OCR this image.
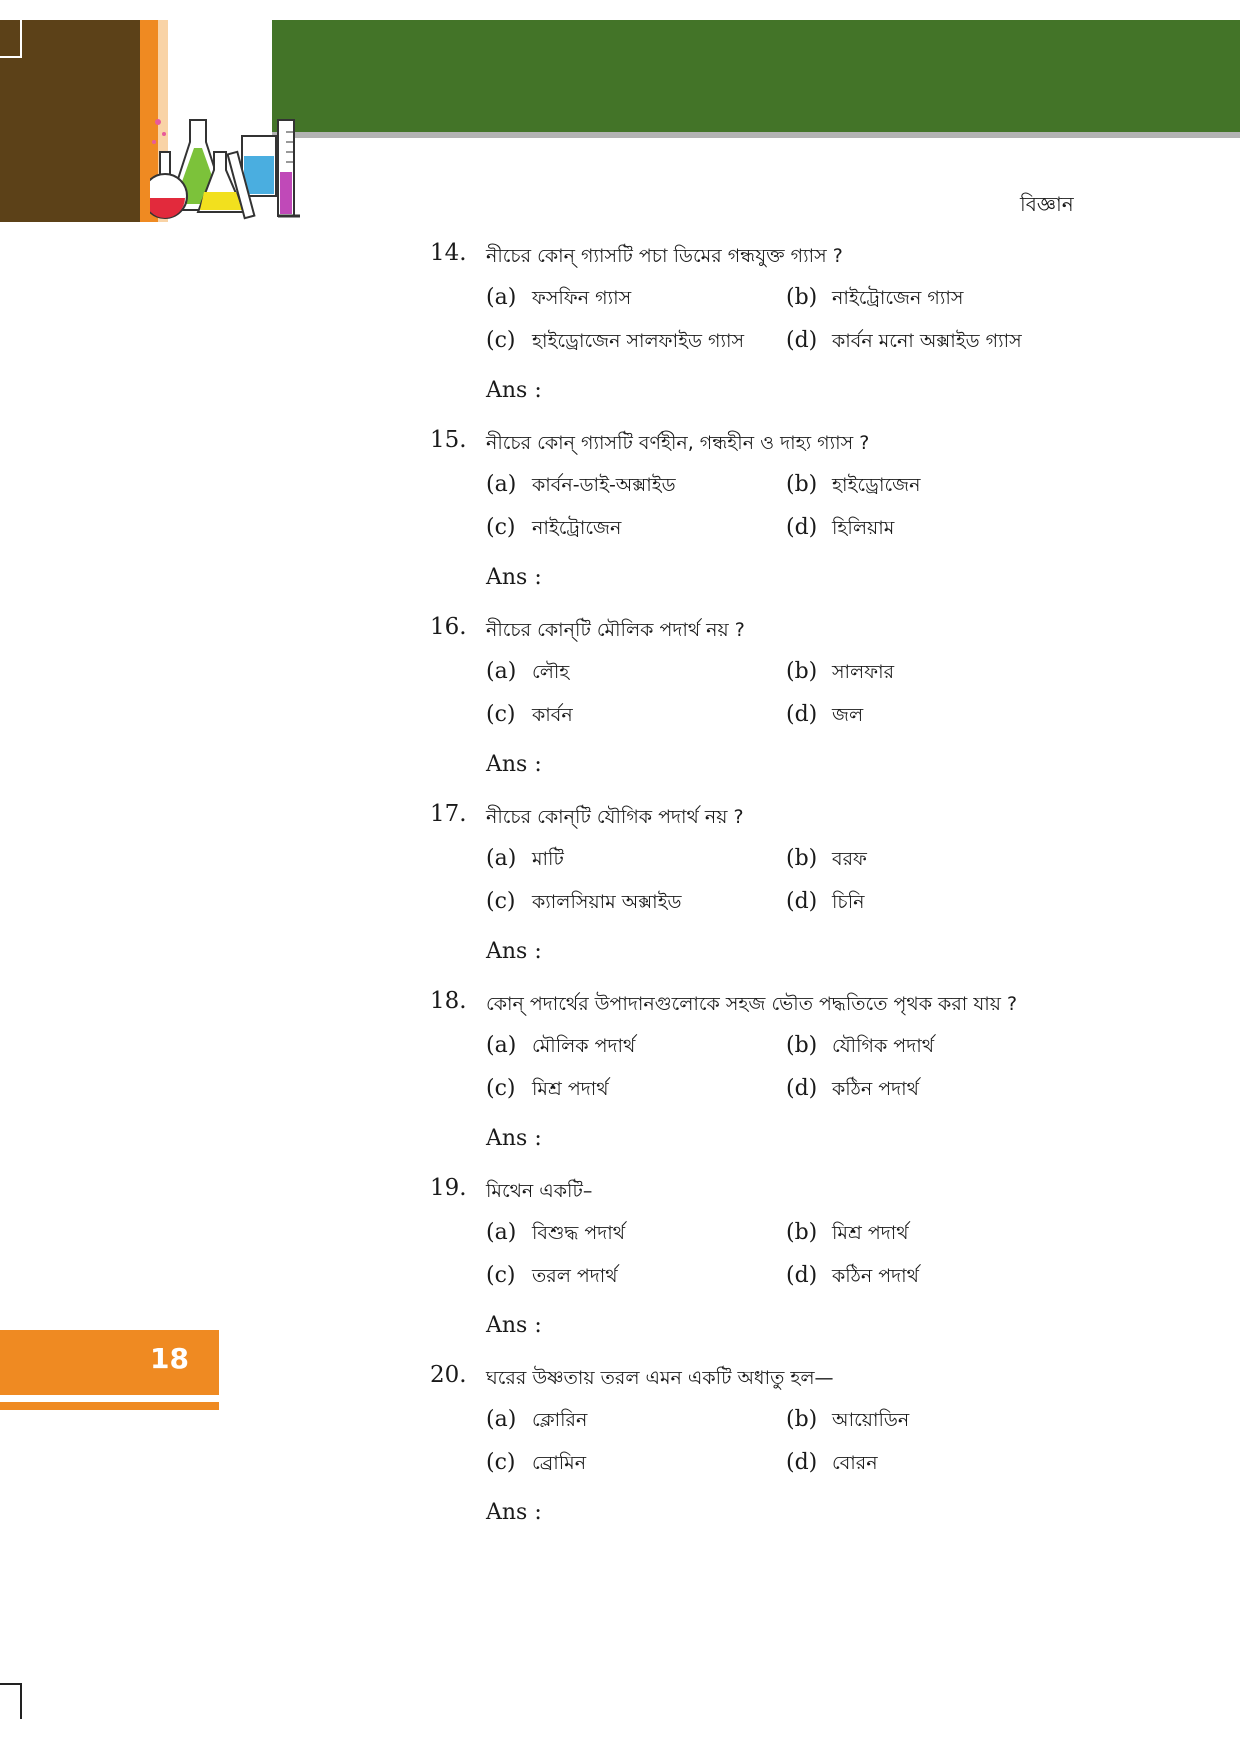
বিজ্ঞান
14. নীচের কোন্ গ্যাসটি পচা ডিমের গন্ধযুক্ত গ্যাস ?
(a) ফসফিন গ্যাস	(b) নাইট্রোজেন গ্যাস
(c) হাইড্রোজেন সালফাইড গ্যাস (d) কার্বন মনো অক্সাইড গ্যাস
Ans :
15. নীচের কোন্ গ্যাসটি বর্ণহীন, গন্ধহীন ও দাহ্য গ্যাস ?
(a) কার্বন-ডাই-অক্সাইড	(b) হাইড্রোজেন
(c) নাইট্রোজেন	(d) হিলিয়াম
Ans :
16. নীচের কোন্‌টি মৌলিক পদার্থ নয় ?
(a) লৌহ	(b) সালফার
(c) কার্বন	(d) জল
Ans :
17. নীচের কোন্‌টি যৌগিক পদার্থ নয় ?
(a) মাটি	(b) বরফ
(c) ক্যালসিয়াম অক্সাইড	(d) চিনি
Ans :
18. কোন্ পদার্থের উপাদানগুলোকে সহজ ভৌত পদ্ধতিতে পৃথক করা যায় ?
(a) মৌলিক পদার্থ	(b) যৌগিক পদার্থ
(c) মিশ্র পদার্থ	(d) কঠিন পদার্থ
Ans :
19. মিথেন একটি–
(a) বিশুদ্ধ পদার্থ	(b) মিশ্র পদার্থ
(c) তরল পদার্থ	(d) কঠিন পদার্থ
Ans :
20. ঘরের উষ্ণতায় তরল এমন একটি অধাতু হল—
(a) ক্লোরিন	(b) আয়োডিন
(c) ব্রোমিন	(d) বোরন
Ans :
18
